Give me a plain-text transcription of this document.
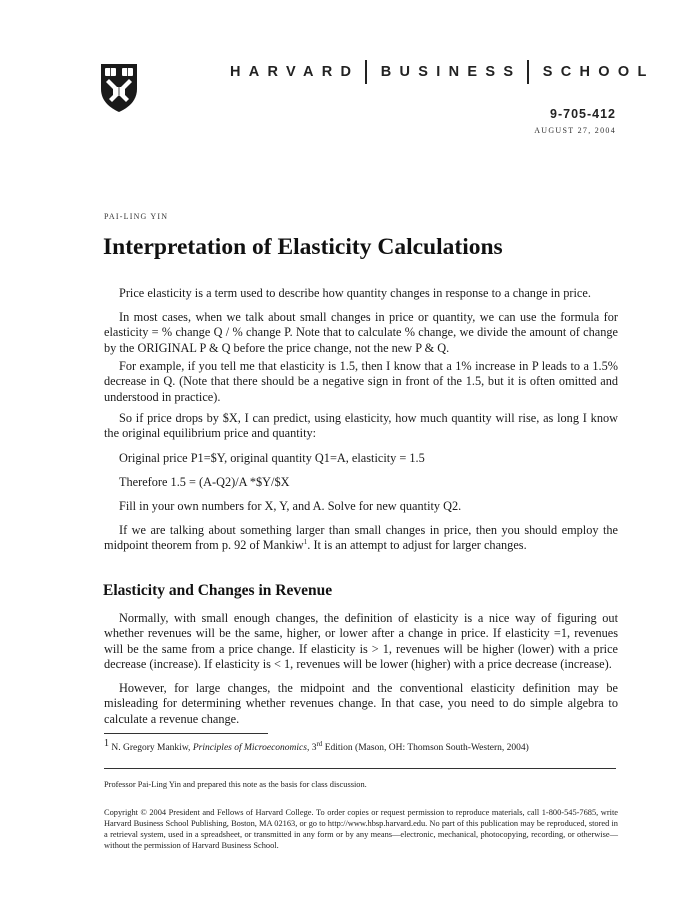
HARVARD BUSINESS SCHOOL
9-705-412
AUGUST 27, 2004
PAI-LING YIN
Interpretation of Elasticity Calculations
Price elasticity is a term used to describe how quantity changes in response to a change in price.
In most cases, when we talk about small changes in price or quantity, we can use the formula for elasticity = % change Q / % change P. Note that to calculate % change, we divide the amount of change by the ORIGINAL P & Q before the price change, not the new P & Q.
For example, if you tell me that elasticity is 1.5, then I know that a 1% increase in P leads to a 1.5% decrease in Q. (Note that there should be a negative sign in front of the 1.5, but it is often omitted and understood in practice).
So if price drops by $X, I can predict, using elasticity, how much quantity will rise, as long I know the original equilibrium price and quantity:
Original price P1=$Y, original quantity Q1=A, elasticity = 1.5
Therefore 1.5 = (A-Q2)/A *$Y/$X
Fill in your own numbers for X, Y, and A. Solve for new quantity Q2.
If we are talking about something larger than small changes in price, then you should employ the midpoint theorem from p. 92 of Mankiw$^1$. It is an attempt to adjust for larger changes.
Elasticity and Changes in Revenue
Normally, with small enough changes, the definition of elasticity is a nice way of figuring out whether revenues will be the same, higher, or lower after a change in price. If elasticity =1, revenues will be the same from a price change. If elasticity is > 1, revenues will be higher (lower) with a price decrease (increase). If elasticity is < 1, revenues will be lower (higher) with a price decrease (increase).
However, for large changes, the midpoint and the conventional elasticity definition may be misleading for determining whether revenues change. In that case, you need to do simple algebra to calculate a revenue change.
$^1$ N. Gregory Mankiw, Principles of Microeconomics, 3rd Edition (Mason, OH: Thomson South-Western, 2004)
Professor Pai-Ling Yin and prepared this note as the basis for class discussion.
Copyright © 2004 President and Fellows of Harvard College. To order copies or request permission to reproduce materials, call 1-800-545-7685, write Harvard Business School Publishing, Boston, MA 02163, or go to http://www.hbsp.harvard.edu. No part of this publication may be reproduced, stored in a retrieval system, used in a spreadsheet, or transmitted in any form or by any means—electronic, mechanical, photocopying, recording, or otherwise—without the permission of Harvard Business School.
